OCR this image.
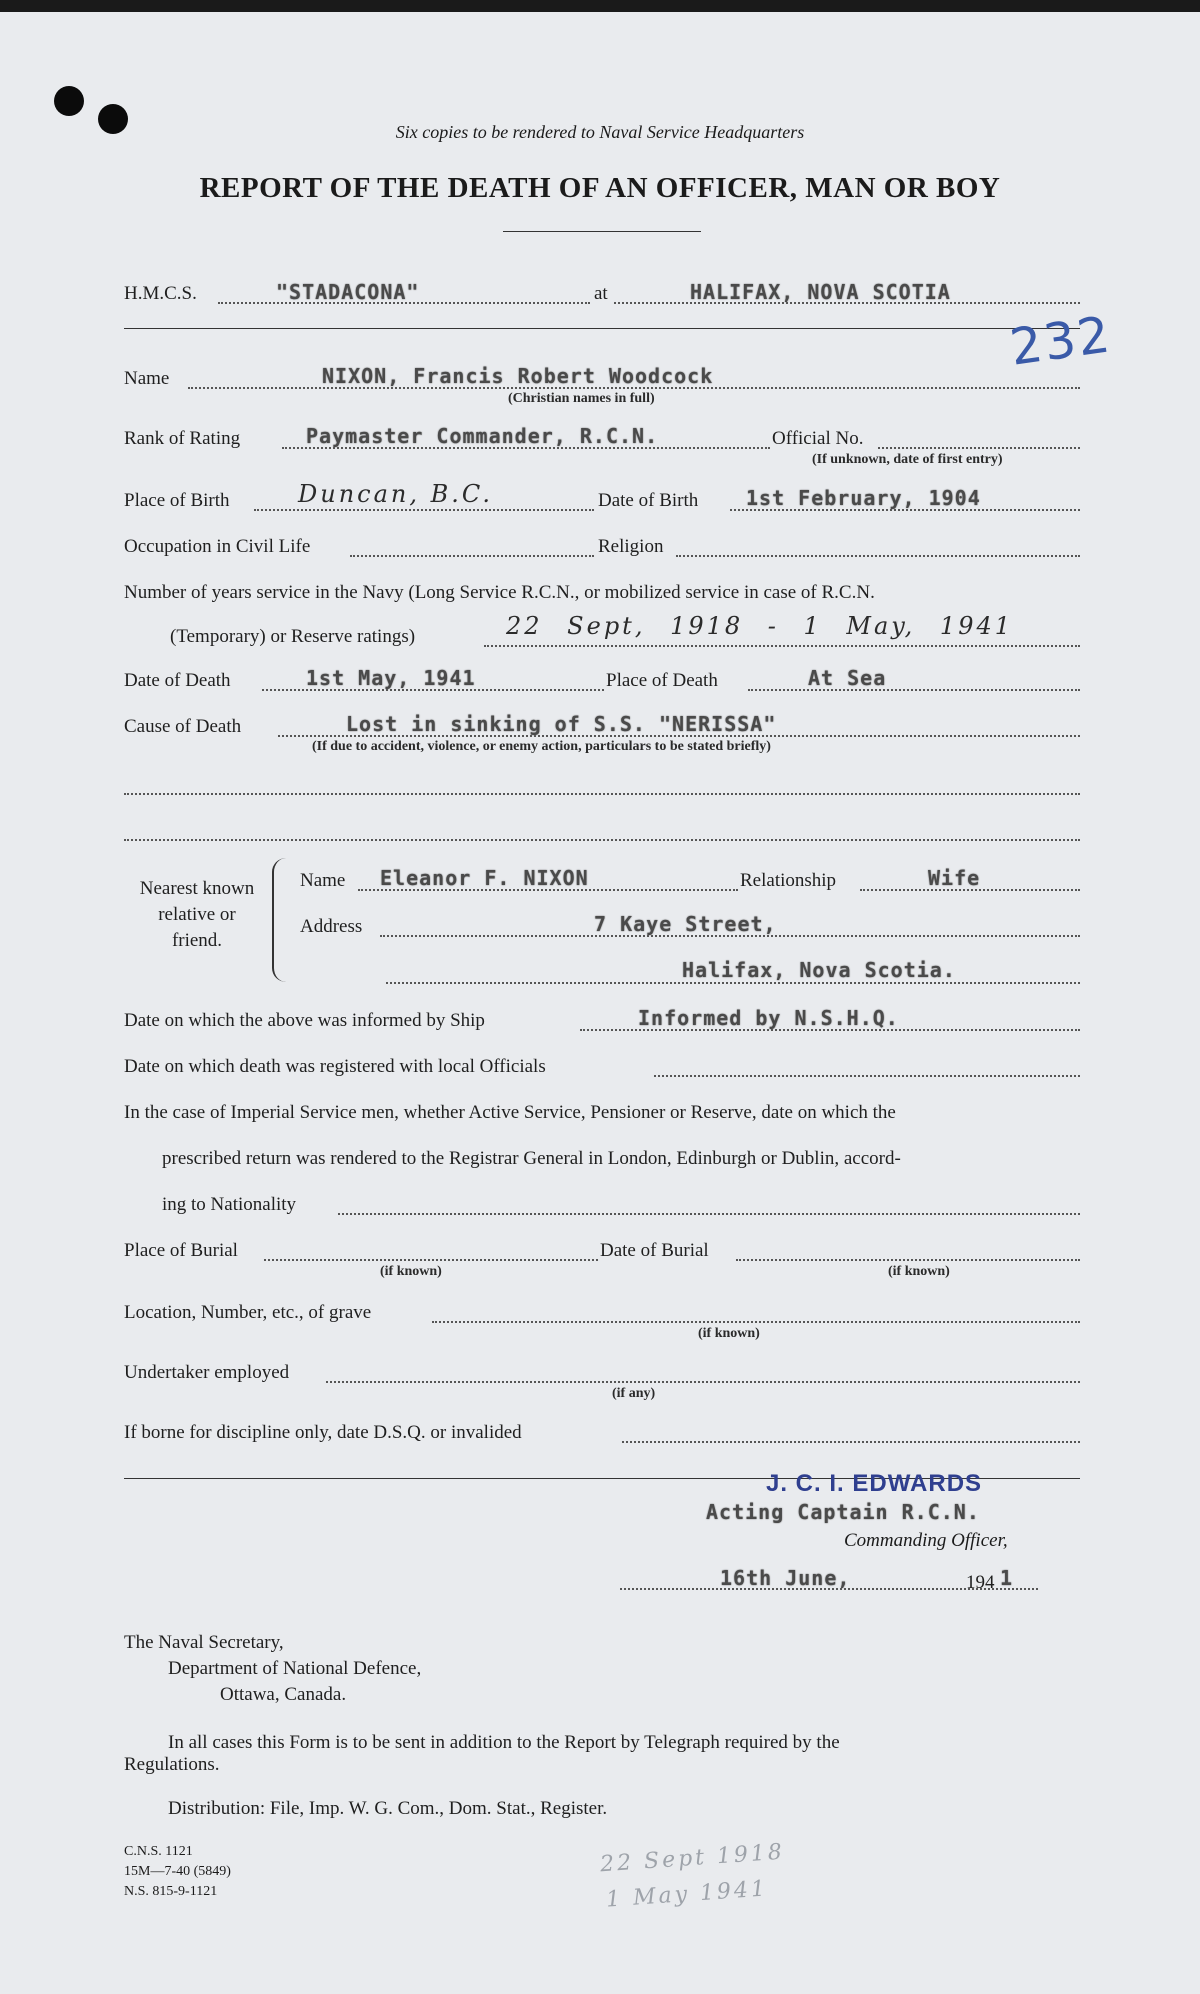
Six copies to be rendered to Naval Service Headquarters
REPORT OF THE DEATH OF AN OFFICER, MAN OR BOY
H.M.C.S.	"STADACONA"	at	HALIFAX, NOVA SCOTIA
232
Name	NIXON, Francis Robert Woodcock
(Christian names in full)
Rank of Rating	Paymaster Commander, R.C.N.	Official No.
(If unknown, date of first entry)
Place of Birth	Duncan, B.C.	Date of Birth 1st February, 1904
Occupation in Civil Life	Religion
Number of years service in the Navy (Long Service R.C.N., or mobilized service in case of R.C.N.
(Temporary) or Reserve ratings)	22 Sept, 1918 - 1 May, 1941
Date of Death	1st May, 1941	Place of Death	At Sea
Cause of Death	Lost in sinking of S.S. "NERISSA"
(If due to accident, violence, or enemy action, particulars to be stated briefly)
Nearest known
relative or
friend.
Name Eleanor F. NIXON	Relationship	Wife
Address	7 Kaye Street,
Halifax, Nova Scotia.
Date on which the above was informed by Ship	Informed by N.S.H.Q.
Date on which death was registered with local Officials
In the case of Imperial Service men, whether Active Service, Pensioner or Reserve, date on which the
prescribed return was rendered to the Registrar General in London, Edinburgh or Dublin, accord-
ing to Nationality
Place of Burial
(if known)
Date of Burial
(if known)
Location, Number, etc., of grave
(if known)
Undertaker employed
(if any)
If borne for discipline only, date D.S.Q. or invalided
J. C. I. EDWARDS
Acting Captain R.C.N.
Commanding Officer,
16th June,	194 1
The Naval Secretary,
Department of National Defence,
Ottawa, Canada.
In all cases this Form is to be sent in addition to the Report by Telegraph required by the
Regulations.
Distribution: File, Imp. W. G. Com., Dom. Stat., Register.
C.N.S. 1121
15M—7-40 (5849)
N.S. 815-9-1121
22 Sept 1918
1 May 1941
